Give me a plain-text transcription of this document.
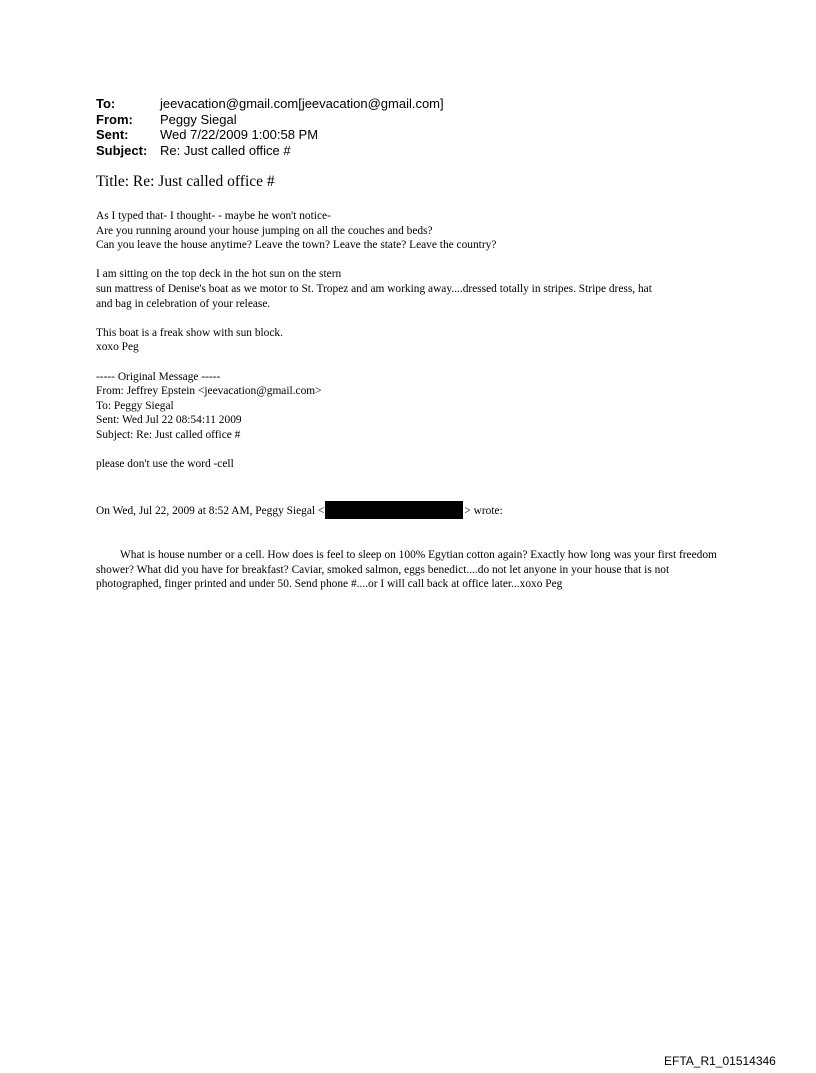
To:	jeevacation@gmail.com[jeevacation@gmail.com]
From:	Peggy Siegal
Sent:	Wed 7/22/2009 1:00:58 PM
Subject: Re: Just called office #
Title: Re: Just called office #
As I typed that- I thought- - maybe he won't notice-
Are you running around your house jumping on all the couches and beds?
Can you leave the house anytime? Leave the town? Leave the state? Leave the country?
I am sitting on the top deck in the hot sun on the stern
sun mattress of Denise's boat as we motor to St. Tropez and am working away....dressed totally in stripes. Stripe dress, hat
and bag in celebration of your release.
This boat is a freak show with sun block.
xoxo Peg
----- Original Message -----
From: Jeffrey Epstein <jeevacation@gmail.com>
To: Peggy Siegal
Sent: Wed Jul 22 08:54:11 2009
Subject: Re: Just called office #
please don't use the word -cell
On Wed, Jul 22, 2009 at 8:52 AM, Peggy Siegal <	> wrote:
What is house number or a cell. How does is feel to sleep on 100% Egytian cotton again? Exactly how long was your first freedom shower? What did you have for breakfast? Caviar, smoked salmon, eggs benedict....do not let anyone in your house that is not photographed, finger printed and under 50. Send phone #....or I will call back at office later...xoxo Peg
EFTA_R1_01514346
